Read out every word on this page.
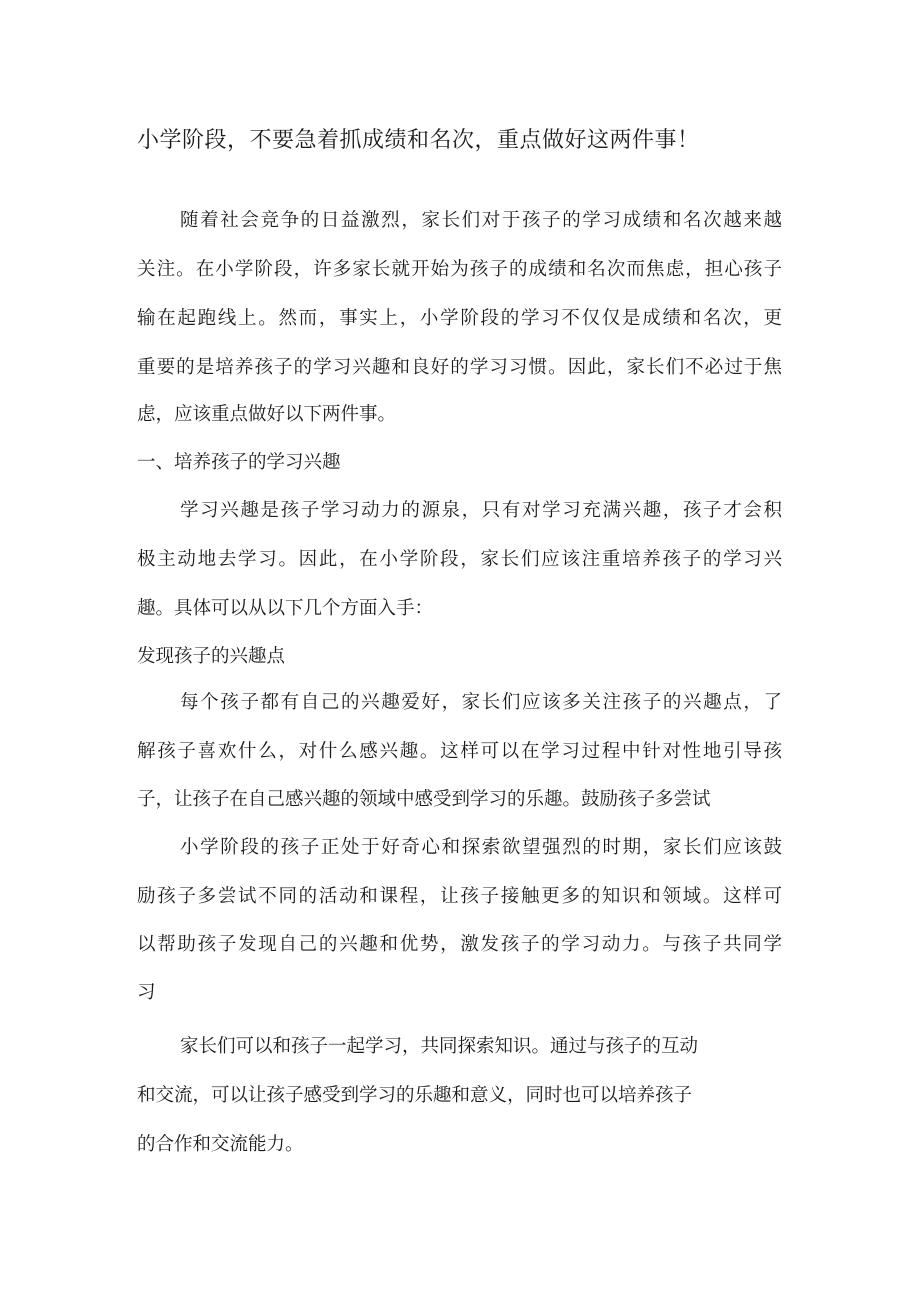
小学阶段，不要急着抓成绩和名次，重点做好这两件事！
随着社会竞争的日益激烈，家长们对于孩子的学习成绩和名次越来越
关注。在小学阶段，许多家长就开始为孩子的成绩和名次而焦虑，担心孩子
输在起跑线上。然而，事实上，小学阶段的学习不仅仅是成绩和名次，更
重要的是培养孩子的学习兴趣和良好的学习习惯。因此，家长们不必过于焦
虑，应该重点做好以下两件事。
一、培养孩子的学习兴趣
学习兴趣是孩子学习动力的源泉，只有对学习充满兴趣，孩子才会积
极主动地去学习。因此，在小学阶段，家长们应该注重培养孩子的学习兴
趣。具体可以从以下几个方面入手：
发现孩子的兴趣点
每个孩子都有自己的兴趣爱好，家长们应该多关注孩子的兴趣点，了
解孩子喜欢什么，对什么感兴趣。这样可以在学习过程中针对性地引导孩
子，让孩子在自己感兴趣的领域中感受到学习的乐趣。鼓励孩子多尝试
小学阶段的孩子正处于好奇心和探索欲望强烈的时期，家长们应该鼓
励孩子多尝试不同的活动和课程，让孩子接触更多的知识和领域。这样可
以帮助孩子发现自己的兴趣和优势，激发孩子的学习动力。与孩子共同学
习
家长们可以和孩子一起学习，共同探索知识。通过与孩子的互动
和交流，可以让孩子感受到学习的乐趣和意义，同时也可以培养孩子
的合作和交流能力。
